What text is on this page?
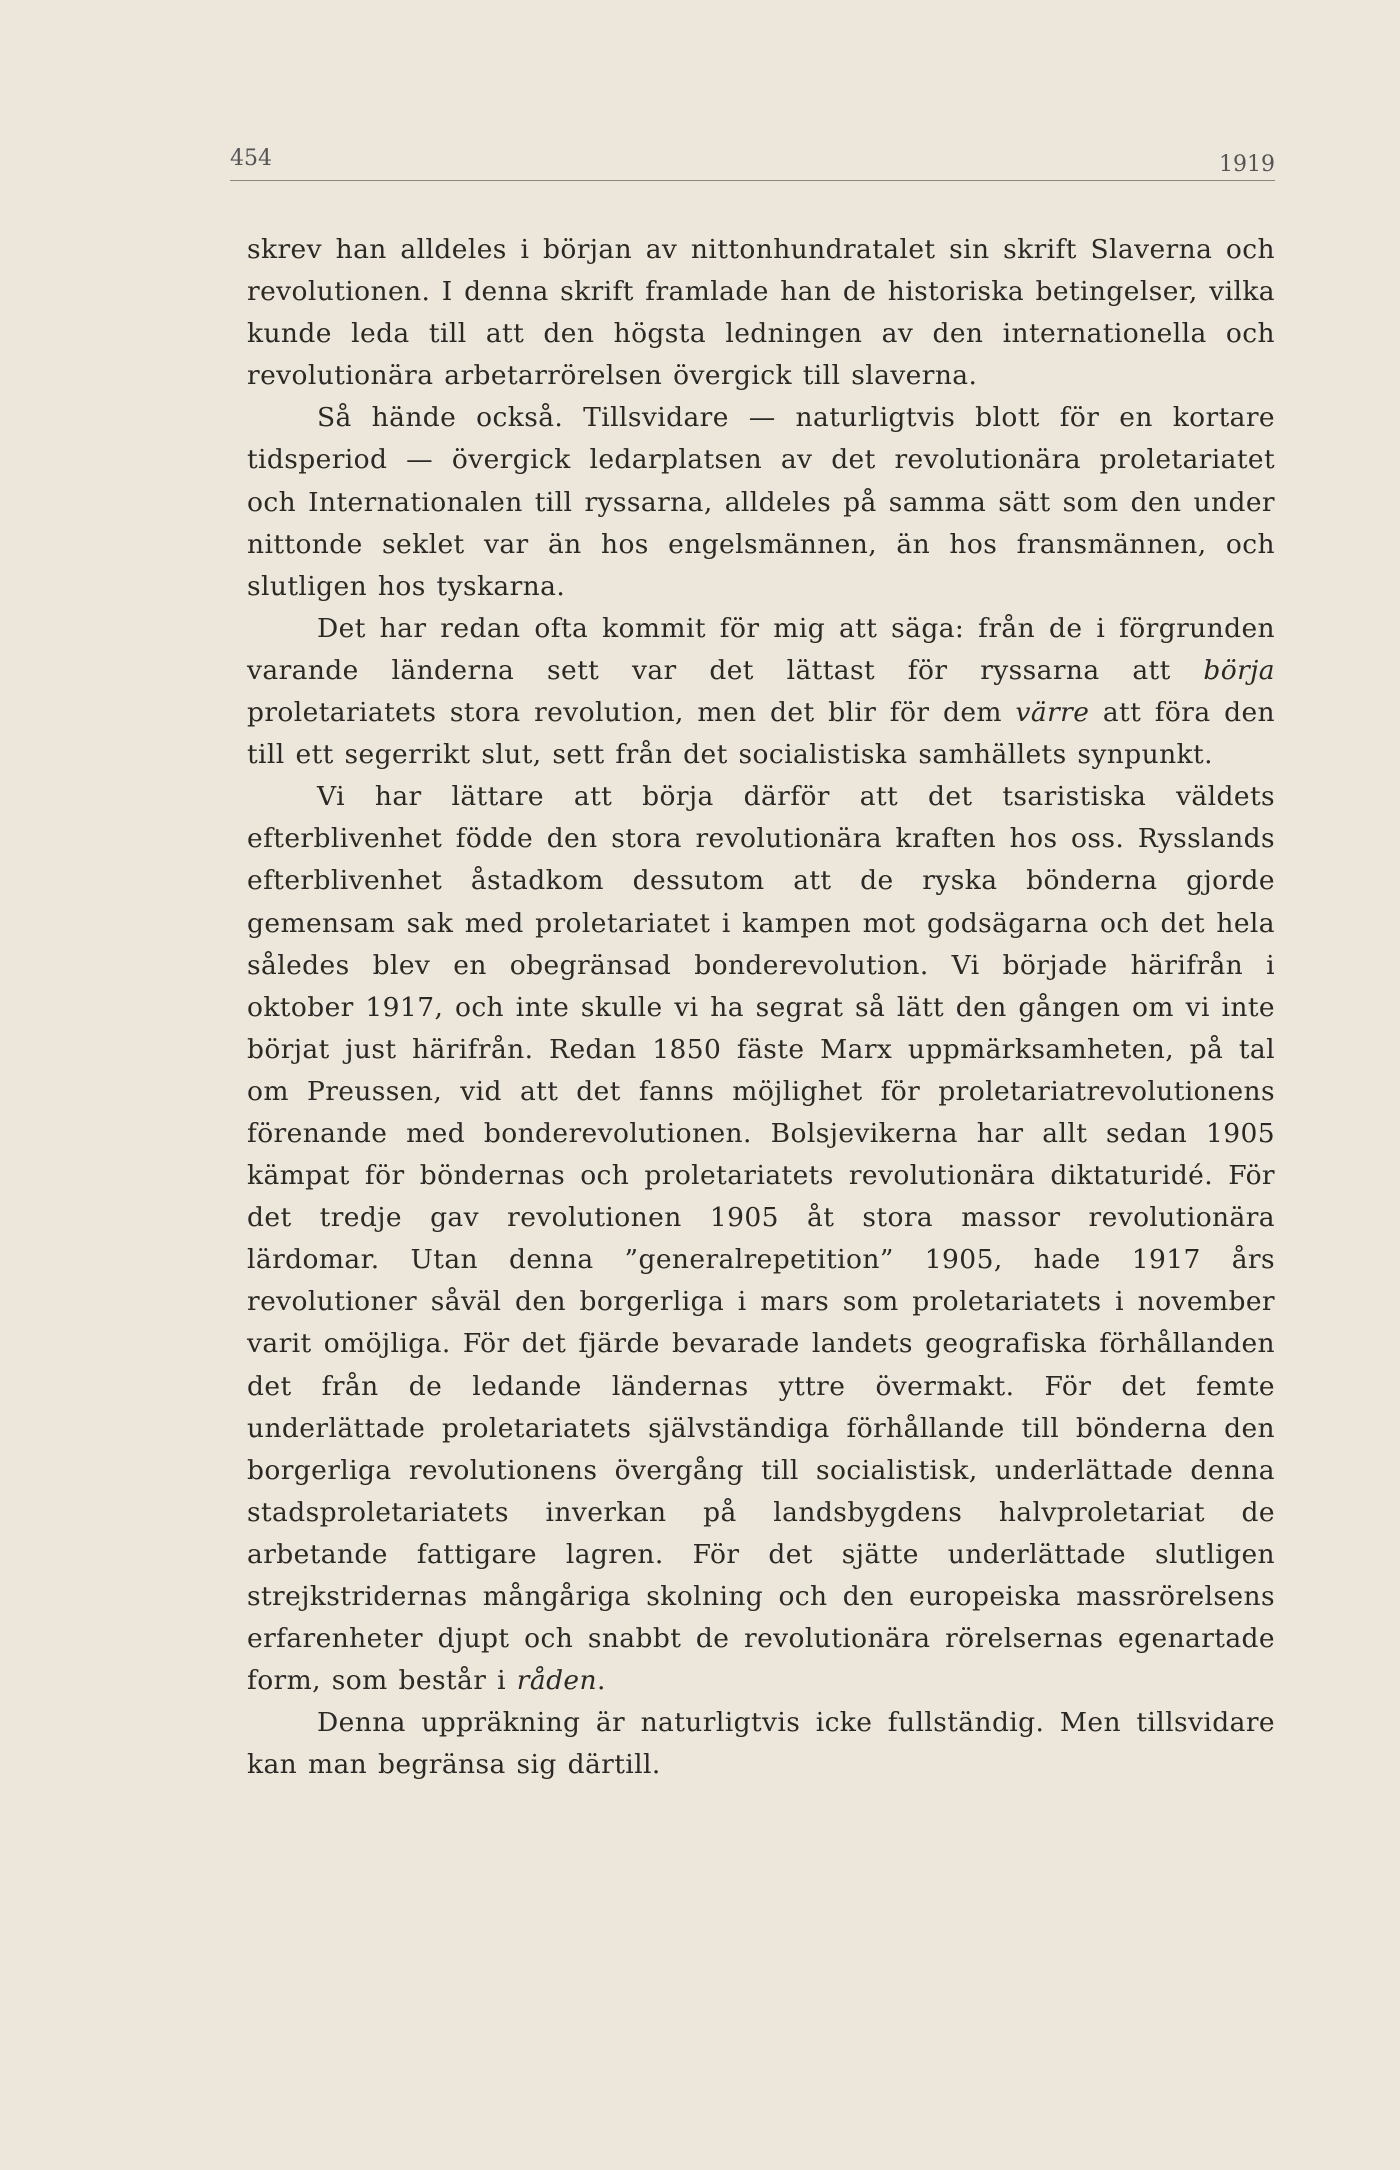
454	1919

skrev han alldeles i början av nittonhundratalet sin skrift Slaverna och revolutionen. I denna skrift framlade han de historiska betingelser, vilka kunde leda till att den högsta ledningen av den internationella och revolutionära arbetarrörelsen övergick till slaverna.

Så hände också. Tillsvidare — naturligtvis blott för en kortare tidsperiod — övergick ledarplatsen av det revolutionära proletariatet och Internationalen till ryssarna, alldeles på samma sätt som den under nittonde seklet var än hos engelsmännen, än hos fransmännen, och slutligen hos tyskarna.

Det har redan ofta kommit för mig att säga: från de i förgrunden varande länderna sett var det lättast för ryssarna att börja proletariatets stora revolution, men det blir för dem värre att föra den till ett segerrikt slut, sett från det socialistiska samhällets synpunkt.

Vi har lättare att börja därför att det tsaristiska väldets efterblivenhet födde den stora revolutionära kraften hos oss. Rysslands efterblivenhet åstadkom dessutom att de ryska bönderna gjorde gemensam sak med proletariatet i kampen mot godsägarna och det hela således blev en obegränsad bonderevolution. Vi började härifrån i oktober 1917, och inte skulle vi ha segrat så lätt den gången om vi inte börjat just härifrån. Redan 1850 fäste Marx uppmärksamheten, på tal om Preussen, vid att det fanns möjlighet för proletariatrevolutionens förenande med bonderevolutionen. Bolsjevikerna har allt sedan 1905 kämpat för böndernas och proletariatets revolutionära diktaturidé. För det tredje gav revolutionen 1905 åt stora massor revolutionära lärdomar. Utan denna ”generalrepetition” 1905, hade 1917 års revolutioner såväl den borgerliga i mars som proletariatets i november varit omöjliga. För det fjärde bevarade landets geografiska förhållanden det från de ledande ländernas yttre övermakt. För det femte underlättade proletariatets självständiga förhållande till bönderna den borgerliga revolutionens övergång till socialistisk, underlättade denna stadsproletariatets inverkan på landsbygdens halvproletariat de arbetande fattigare lagren. För det sjätte underlättade slutligen strejkstridernas mångåriga skolning och den europeiska massrörelsens erfarenheter djupt och snabbt de revolutionära rörelsernas egenartade form, som består i råden.

Denna uppräkning är naturligtvis icke fullständig. Men tillsvidare kan man begränsa sig därtill.
